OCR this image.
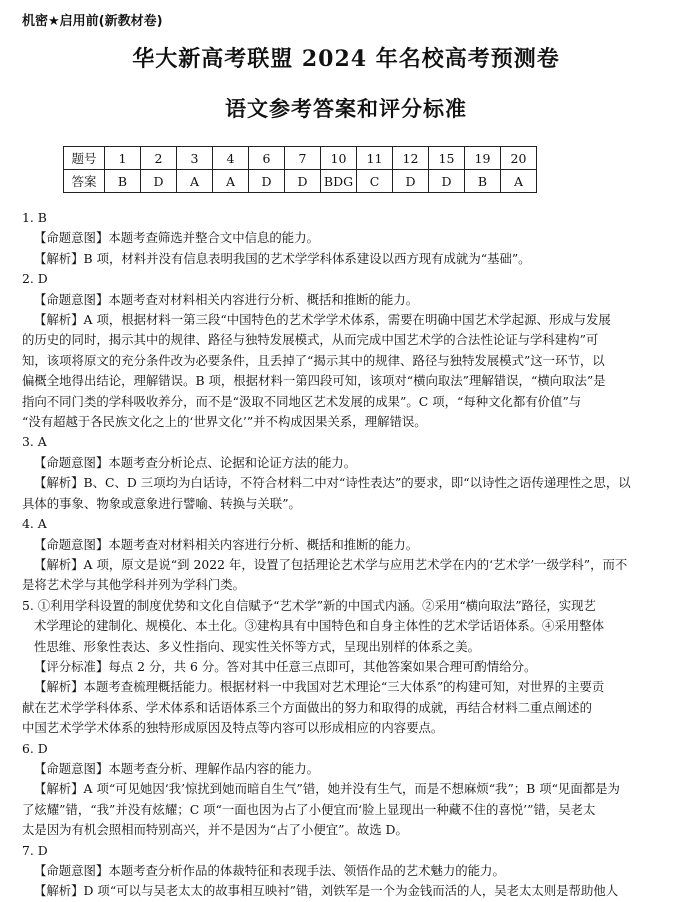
机密★启用前(新教材卷)
华大新高考联盟 2024 年名校高考预测卷
语文参考答案和评分标准
题号	1	2	3	4	6	7	10	11	12	15	19	20
答案	B	D	A	A	D	D	BDG	C	D	D	B	A

1. B

【命题意图】本题考查筛选并整合文中信息的能力。

【解析】B 项，材料并没有信息表明我国的艺术学学科体系建设以西方现有成就为“基础”。

2. D

【命题意图】本题考查对材料相关内容进行分析、概括和推断的能力。

【解析】A 项，根据材料一第三段“中国特色的艺术学学术体系，需要在明确中国艺术学起源、形成与发展

的历史的同时，揭示其中的规律、路径与独特发展模式，从而完成中国艺术学的合法性论证与学科建构”可

知，该项将原文的充分条件改为必要条件，且丢掉了“揭示其中的规律、路径与独特发展模式”这一环节，以

偏概全地得出结论，理解错误。B 项，根据材料一第四段可知，该项对“横向取法”理解错误，“横向取法”是

指向不同门类的学科吸收养分，而不是“汲取不同地区艺术发展的成果”。C 项，“每种文化都有价值”与

“没有超越于各民族文化之上的‘世界文化’”并不构成因果关系，理解错误。

3. A

【命题意图】本题考查分析论点、论据和论证方法的能力。

【解析】B、C、D 三项均为白话诗，不符合材料二中对“诗性表达”的要求，即“以诗性之语传递理性之思，以

具体的事象、物象或意象进行譬喻、转换与关联”。

4. A

【命题意图】本题考查对材料相关内容进行分析、概括和推断的能力。

【解析】A 项，原文是说“到 2022 年，设置了包括理论艺术学与应用艺术学在内的‘艺术学’一级学科”，而不

是将艺术学与其他学科并列为学科门类。

5. ①利用学科设置的制度优势和文化自信赋予“艺术学”新的中国式内涵。②采用“横向取法”路径，实现艺

术学理论的建制化、规模化、本土化。③建构具有中国特色和自身主体性的艺术学话语体系。④采用整体

性思维、形象性表达、多义性指向、现实性关怀等方式，呈现出别样的体系之美。

【评分标准】每点 2 分，共 6 分。答对其中任意三点即可，其他答案如果合理可酌情给分。

【解析】本题考查梳理概括能力。根据材料一中我国对艺术理论“三大体系”的构建可知，对世界的主要贡

献在艺术学学科体系、学术体系和话语体系三个方面做出的努力和取得的成就，再结合材料二重点阐述的

中国艺术学学术体系的独特形成原因及特点等内容可以形成相应的内容要点。

6. D

【命题意图】本题考查分析、理解作品内容的能力。

【解析】A 项“可见她因‘我’惊扰到她而暗自生气”错，她并没有生气，而是不想麻烦“我”；B 项“见面都是为

了炫耀”错，“我”并没有炫耀；C 项“一面也因为占了小便宜而‘脸上显现出一种藏不住的喜悦’”错，吴老太

太是因为有机会照相而特别高兴，并不是因为“占了小便宜”。故选 D。

7. D

【命题意图】本题考查分析作品的体裁特征和表现手法、领悟作品的艺术魅力的能力。

【解析】D 项“可以与吴老太太的故事相互映衬”错，刘铁军是一个为金钱而活的人，吴老太太则是帮助他人
